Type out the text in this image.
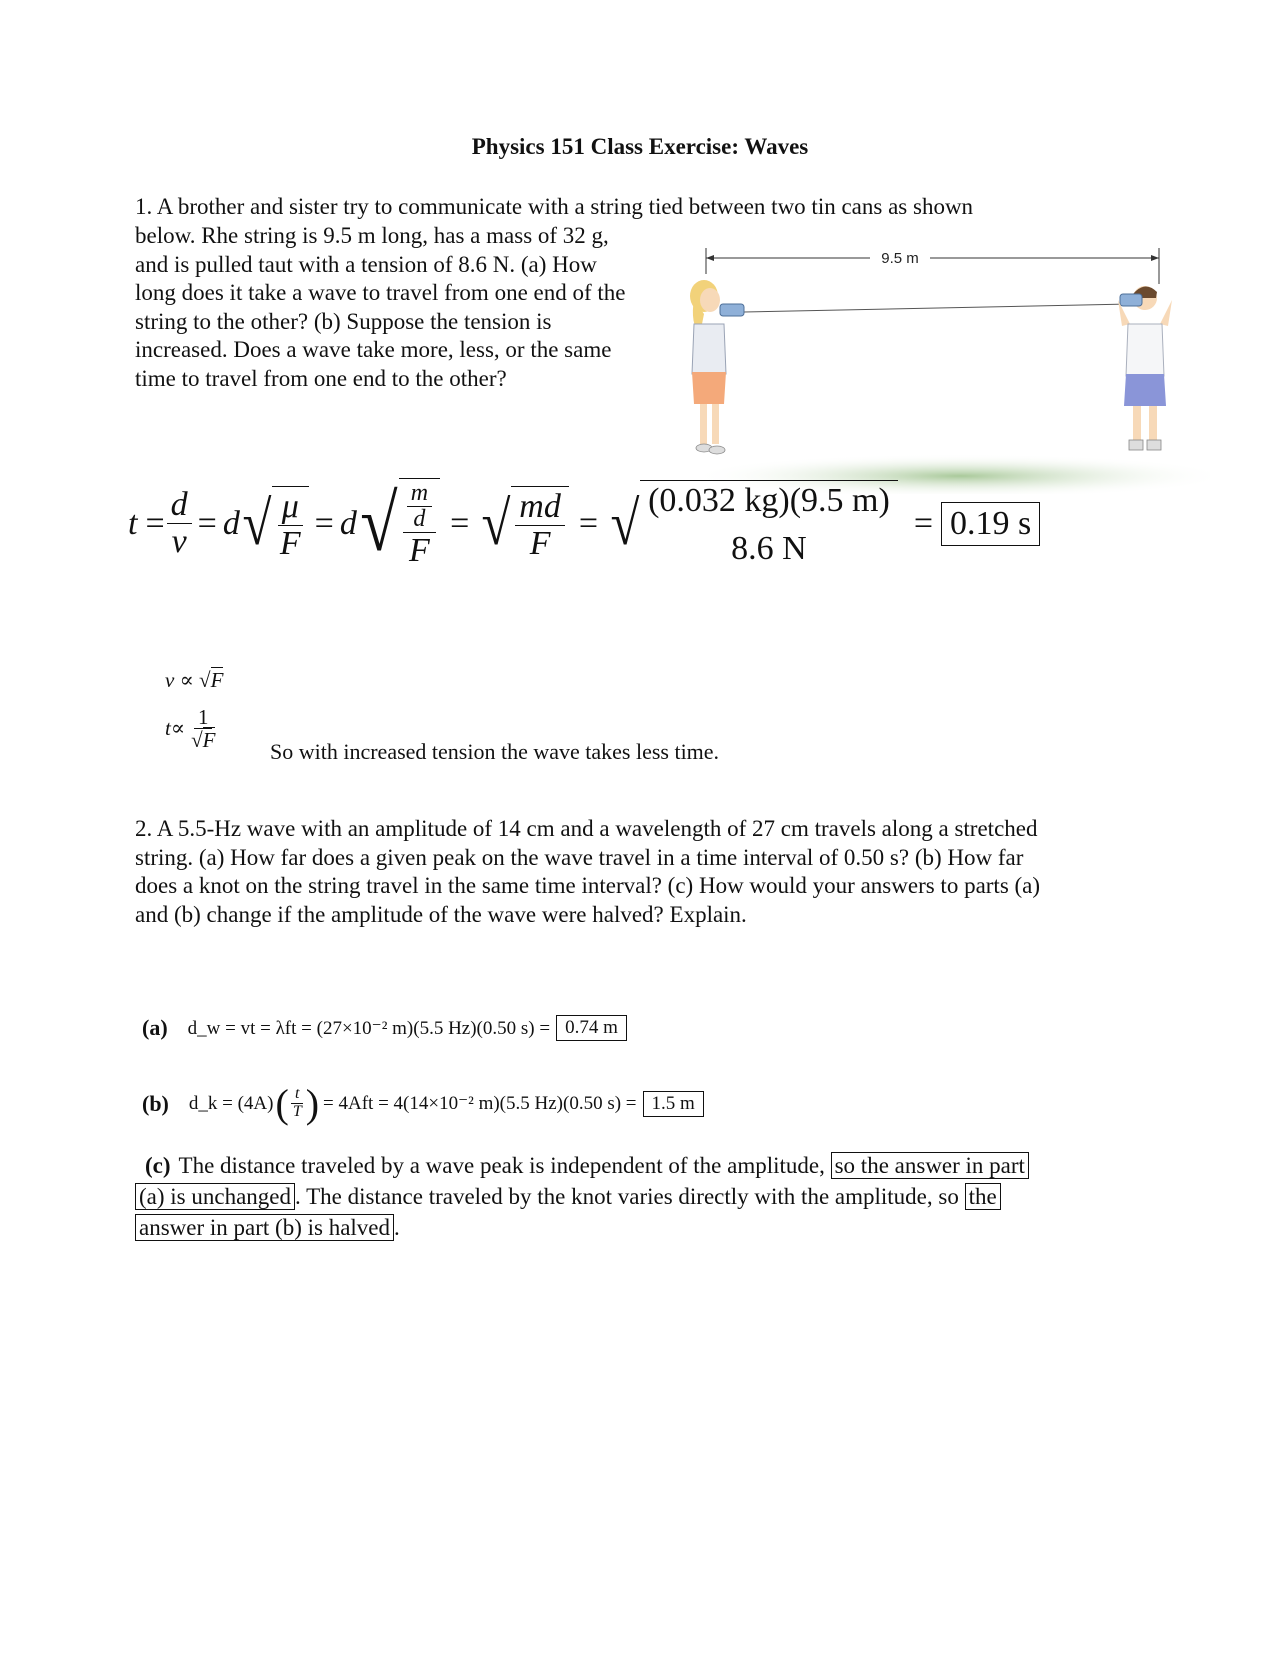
Physics 151 Class Exercise: Waves
1. A brother and sister try to communicate with a string tied between two tin cans as shown
below. Rhe string is 9.5 m long, has a mass of 32 g,
and is pulled taut with a tension of 8.6 N. (a) How
long does it take a wave to travel from one end of the
string to the other? (b) Suppose the tension is
increased. Does a wave take more, less, or the same
time to travel from one end to the other?
9.5 m
$t = \frac{d}{v} = d$ √ $\frac{\mu}{F} = d$ √ $\frac{\frac{m}{d}}{F}$ = √ $\frac{md}{F}$ = √ (0.032 kg)(9.5 m)
8.6 N
= 0.19 s
v ∝ √F
$t \propto \frac{1}{√F}$
So with increased tension the wave takes less time.
2. A 5.5-Hz wave with an amplitude of 14 cm and a wavelength of 27 cm travels along a stretched
string. (a) How far does a given peak on the wave travel in a time interval of 0.50 s? (b) How far
does a knot on the string travel in the same time interval? (c) How would your answers to parts (a)
and (b) change if the amplitude of the wave were halved? Explain.
(a) d_w = vt = λft = (27×10⁻² m)(5.5 Hz)(0.50 s) = 0.74 m
(b) d_k = (4A) ( $\frac{t}{T}$ ) = 4Aft = 4(14×10⁻² m)(5.5 Hz)(0.50 s) = 1.5 m
(c) The distance traveled by a wave peak is independent of the amplitude, so the answer in part
(a) is unchanged . The distance traveled by the knot varies directly with the amplitude, so the
answer in part (b) is halved .
